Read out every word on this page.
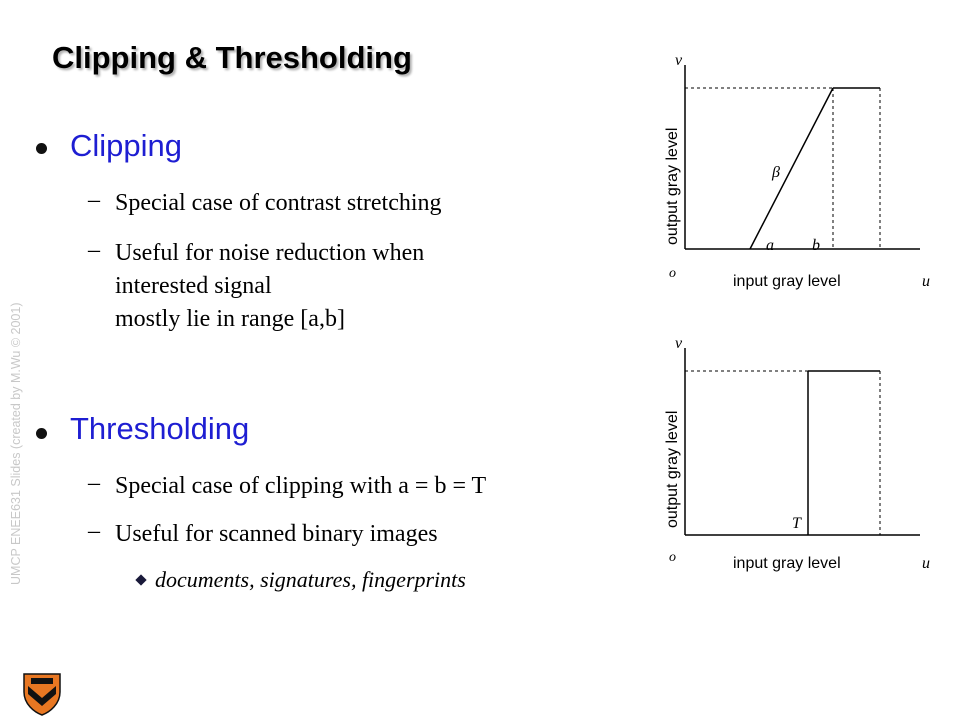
Clipping & Thresholding
UMCP ENEE631 Slides (created by M.Wu © 2001)
Clipping
– Special case of contrast stretching
– Useful for noise reduction when
interested signal
mostly lie in range [a,b]
Thresholding
– Special case of clipping with a = b = T
– Useful for scanned binary images
documents, signatures, fingerprints
v
u
o	input gray level
output gray level	β
a b
v
u
o	input gray level
output gray level	T
